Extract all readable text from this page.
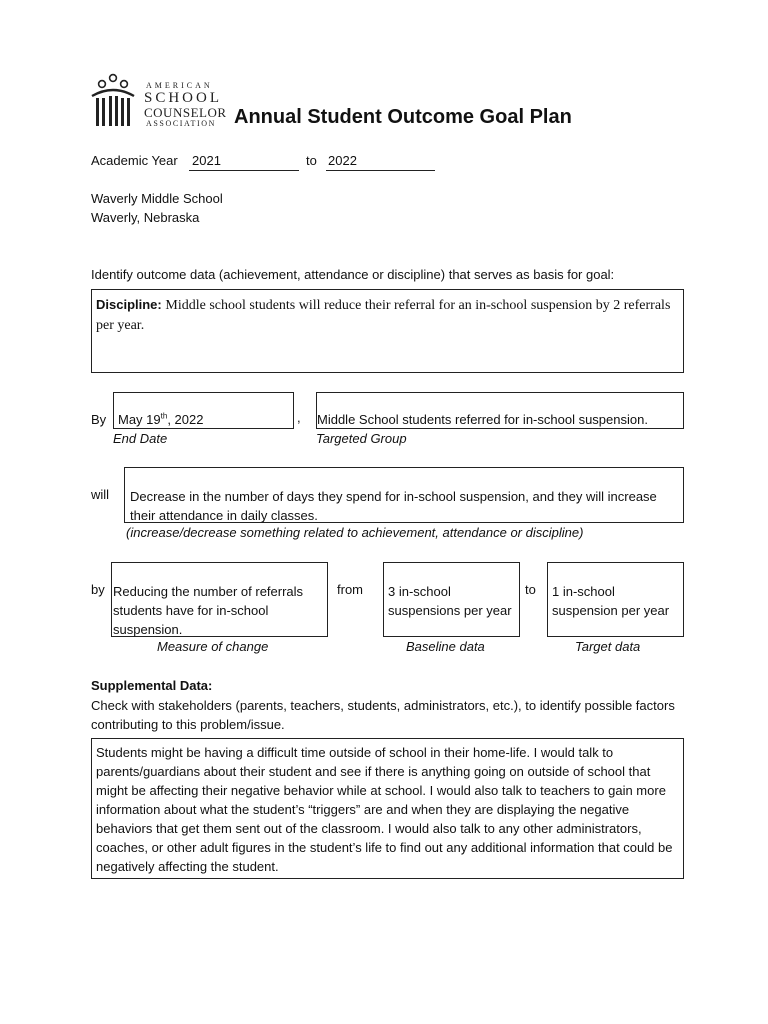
AMERICAN
SCHOOL
COUNSELOR
ASSOCIATION Annual Student Outcome Goal Plan
Academic Year 2021	to 2022
Waverly Middle School
Waverly, Nebraska
Identify outcome data (achievement, attendance or discipline) that serves as basis for goal:
Discipline: Middle school students will reduce their referral for an in-school suspension by 2 referrals per year.
By May 19th, 2022	, Middle School students referred for in-school suspension.
End Date	Targeted Group
will	Decrease in the number of days they spend for in-school suspension, and they will increase their attendance in daily classes.
(increase/decrease something related to achievement, attendance or discipline)
by Reducing the number of referrals students have for in-school suspension.
from	3 in-school suspensions per year
to	1 in-school suspension per year
Measure of change	Baseline data	Target data
Supplemental Data:
Check with stakeholders (parents, teachers, students, administrators, etc.), to identify possible factors contributing to this problem/issue.
Students might be having a difficult time outside of school in their home-life. I would talk to parents/guardians about their student and see if there is anything going on outside of school that might be affecting their negative behavior while at school. I would also talk to teachers to gain more information about what the student’s “triggers” are and when they are displaying the negative behaviors that get them sent out of the classroom. I would also talk to any other administrators, coaches, or other adult figures in the student’s life to find out any additional information that could be negatively affecting the student.
